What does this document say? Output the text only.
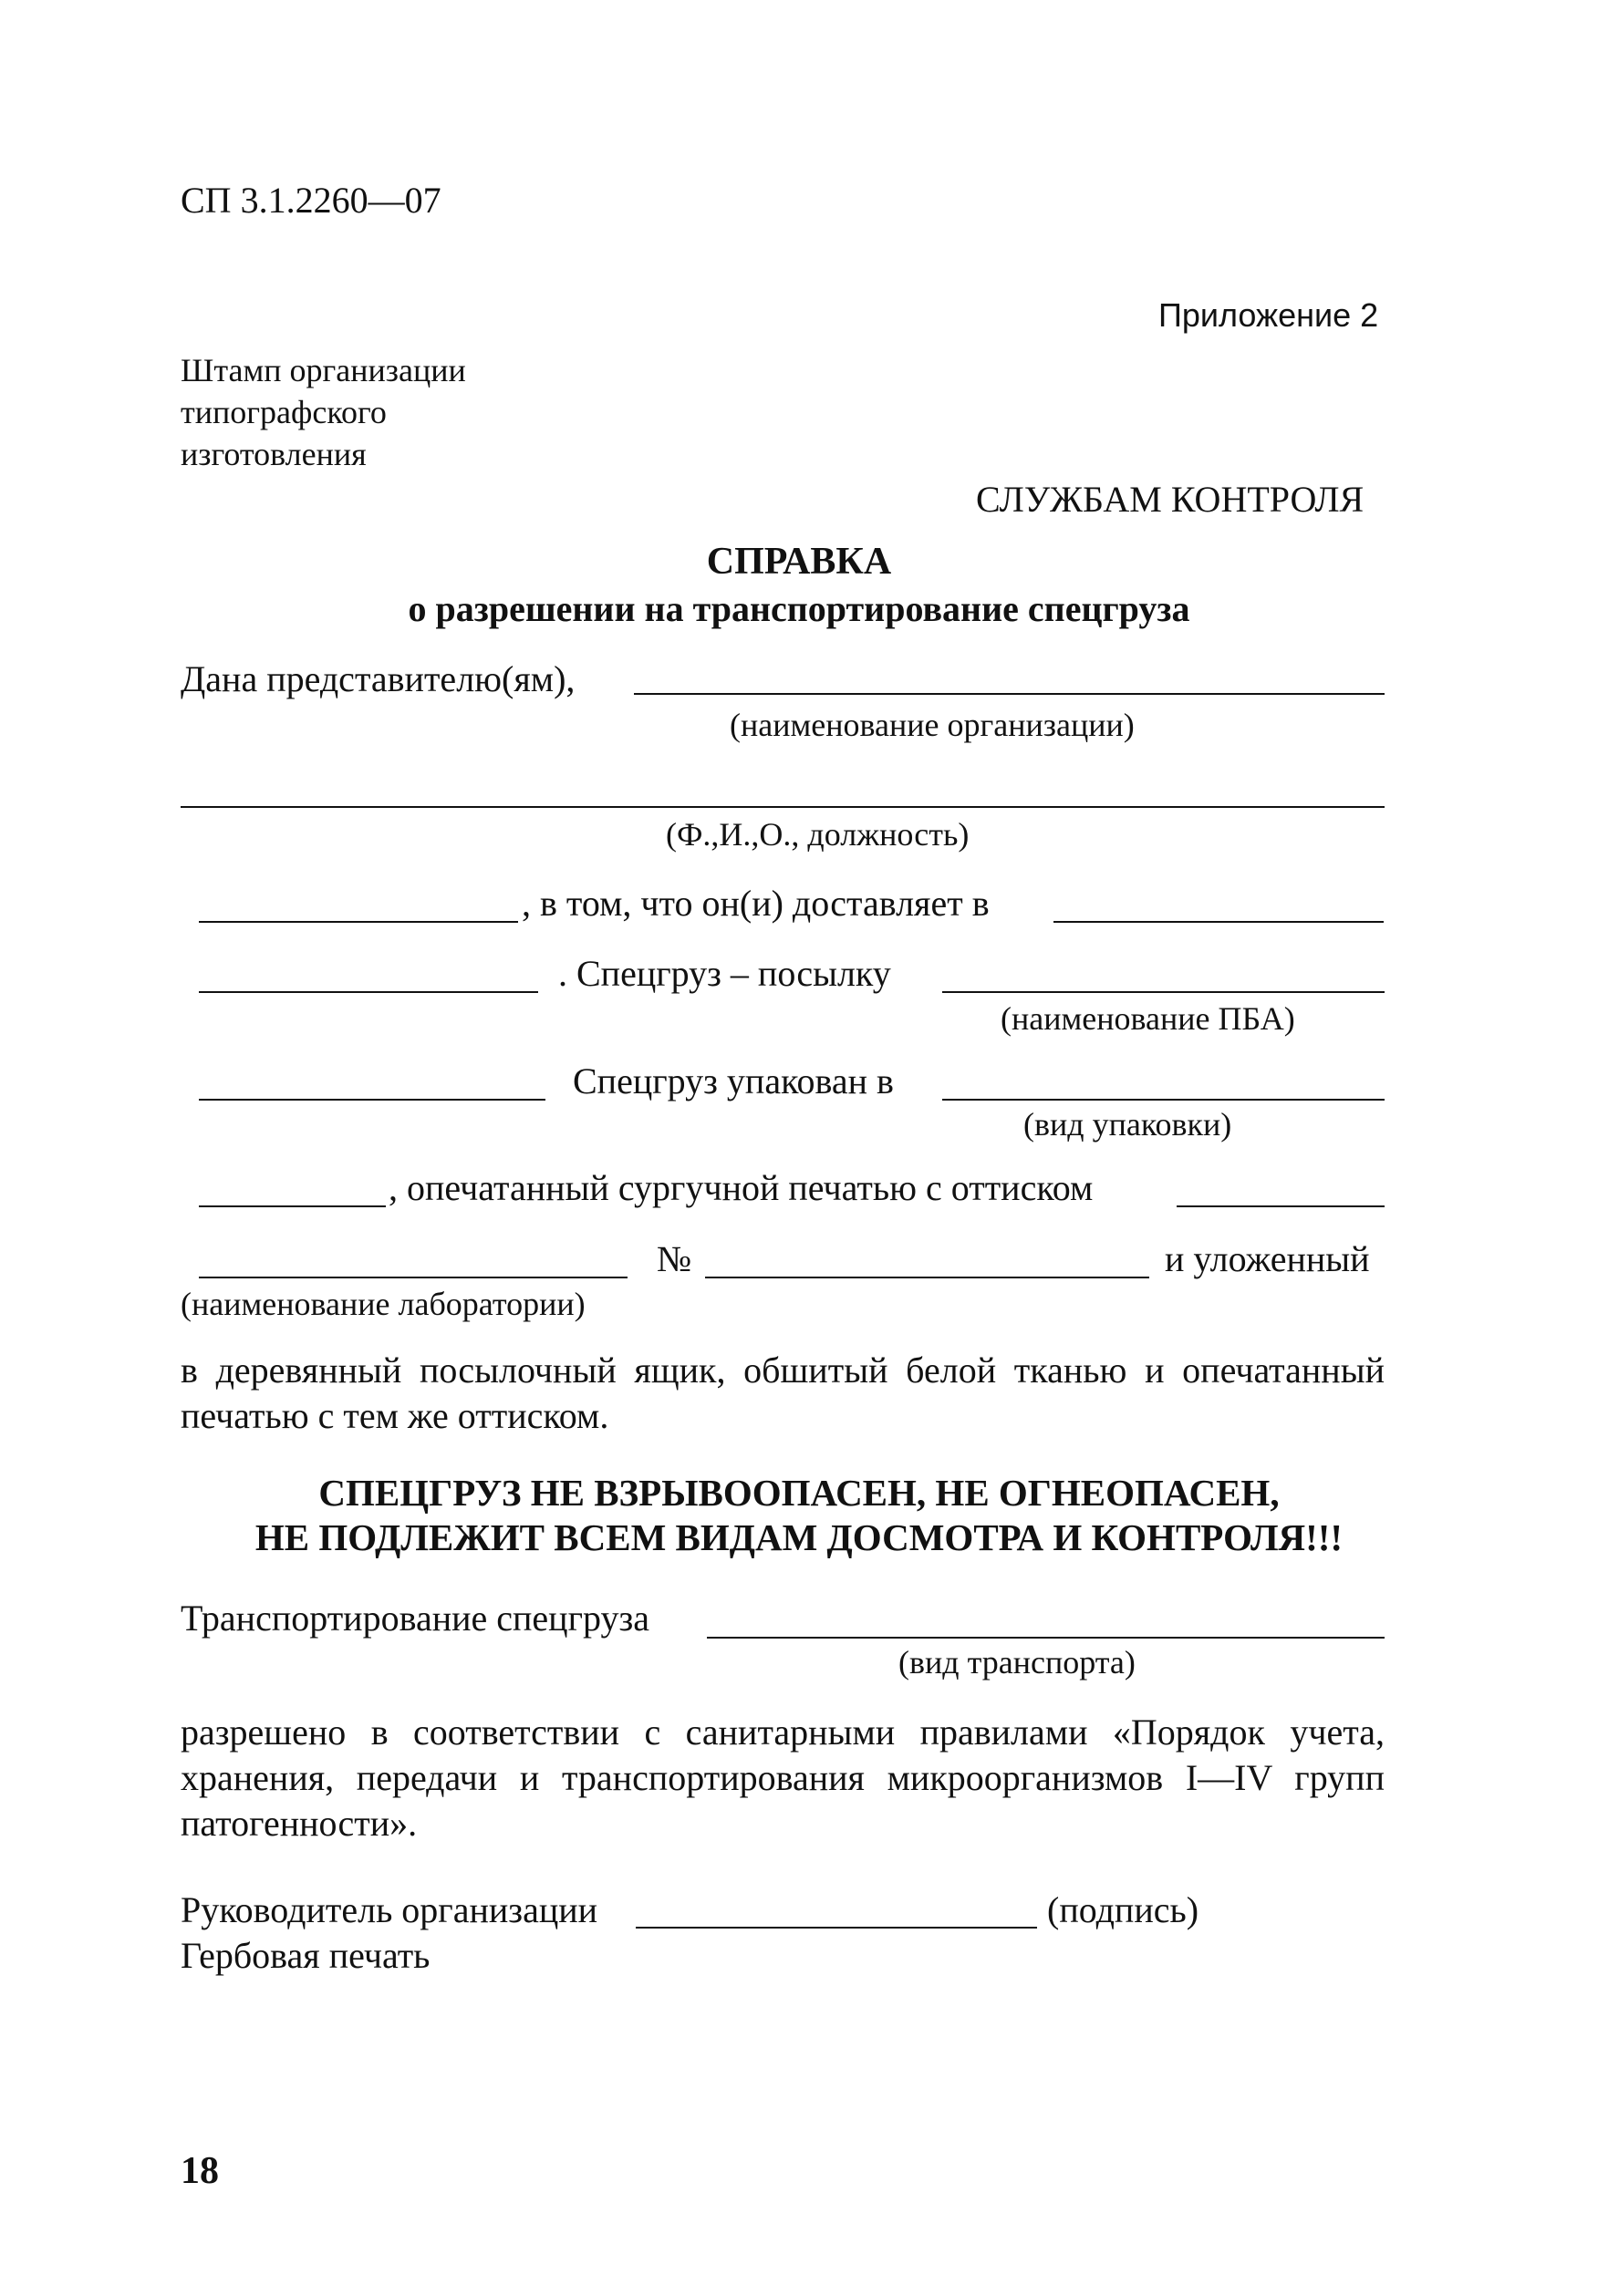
СП 3.1.2260—07
Приложение 2
Штамп организации
типографского
изготовления
СЛУЖБАМ КОНТРОЛЯ
СПРАВКА
о разрешении на транспортирование спецгруза
Дана представителю(ям),
(наименование организации)
(Ф.,И.,О., должность)
, в том, что он(и) доставляет в
. Спецгруз – посылку
(наименование ПБА)
Спецгруз упакован в
(вид упаковки)
, опечатанный сургучной печатью с оттиском
№	и уложенный
(наименование лаборатории)
в деревянный посылочный ящик, обшитый белой тканью и опечатанный печатью с тем же оттиском.
СПЕЦГРУЗ НЕ ВЗРЫВООПАСЕН, НЕ ОГНЕОПАСЕН,
НЕ ПОДЛЕЖИТ ВСЕМ ВИДАМ ДОСМОТРА И КОНТРОЛЯ!!!
Транспортирование спецгруза
(вид транспорта)
разрешено в соответствии с санитарными правилами «Порядок учета, хранения, передачи и транспортирования микроорганизмов I—IV групп патогенности».
Руководитель организации	(подпись)
Гербовая печать
18
